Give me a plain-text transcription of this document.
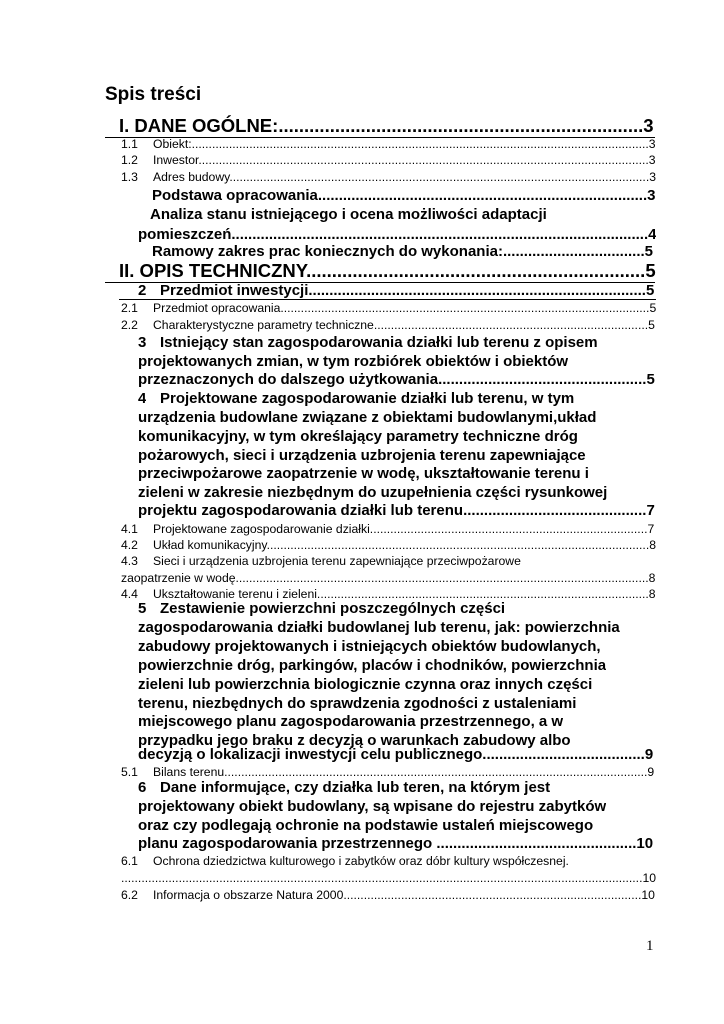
Spis treści
I. DANE OGÓLNE:.......................................................................3
1.1 Obiekt:.......................................................................................................................................3
1.2 Inwestor.....................................................................................................................................3
1.3 Adres budowy............................................................................................................................3
Podstawa opracowania...............................................................................3
Analiza stanu istniejącego i ocena możliwości adaptacji
pomieszczeń....................................................................................................4
Ramowy zakres prac koniecznych do wykonania:..................................5
II. OPIS TECHNICZNY..................................................................5
2 Przedmiot inwestycji.................................................................................5
2.1 Przedmiot opracowania.............................................................................................................5
2.2 Charakterystyczne parametry techniczne.................................................................................5
3 Istniejący stan zagospodarowania działki lub terenu z opisem
projektowanych zmian, w tym rozbiórek obiektów i obiektów
przeznaczonych do dalszego użytkowania..................................................5
4 Projektowane zagospodarowanie działki lub terenu, w tym
urządzenia budowlane związane z obiektami budowlanymi,układ
komunikacyjny, w tym określający parametry techniczne dróg
pożarowych, sieci i urządzenia uzbrojenia terenu zapewniające
przeciwpożarowe zaopatrzenie w wodę, ukształtowanie terenu i
zieleni w zakresie niezbędnym do uzupełnienia części rysunkowej
projektu zagospodarowania działki lub terenu............................................7
4.1 Projektowane zagospodarowanie działki..................................................................................7
4.2 Układ komunikacyjny.................................................................................................................8
4.3 Sieci i urządzenia uzbrojenia terenu zapewniające przeciwpożarowe
zaopatrzenie w wodę..........................................................................................................................8
4.4 Ukształtowanie terenu i zieleni..................................................................................................8
5 Zestawienie powierzchni poszczególnych części
zagospodarowania działki budowlanej lub terenu, jak: powierzchnia
zabudowy projektowanych i istniejących obiektów budowlanych,
powierzchnie dróg, parkingów, placów i chodników, powierzchnia
zieleni lub powierzchnia biologicznie czynna oraz innych części
terenu, niezbędnych do sprawdzenia zgodności z ustaleniami
miejscowego planu zagospodarowania przestrzennego, a w
przypadku jego braku z decyzją o warunkach zabudowy albo
decyzją o lokalizacji inwestycji celu publicznego.......................................9
5.1 Bilans terenu.............................................................................................................................9
6 Dane informujące, czy działka lub teren, na którym jest
projektowany obiekt budowlany, są wpisane do rejestru zabytków
oraz czy podlegają ochronie na podstawie ustaleń miejscowego
planu zagospodarowania przestrzennego ................................................10
6.1 Ochrona dziedzictwa kulturowego i zabytków oraz dóbr kultury współczesnej.
..........................................................................................................................................................10
6.2 Informacja o obszarze Natura 2000........................................................................................10
1
